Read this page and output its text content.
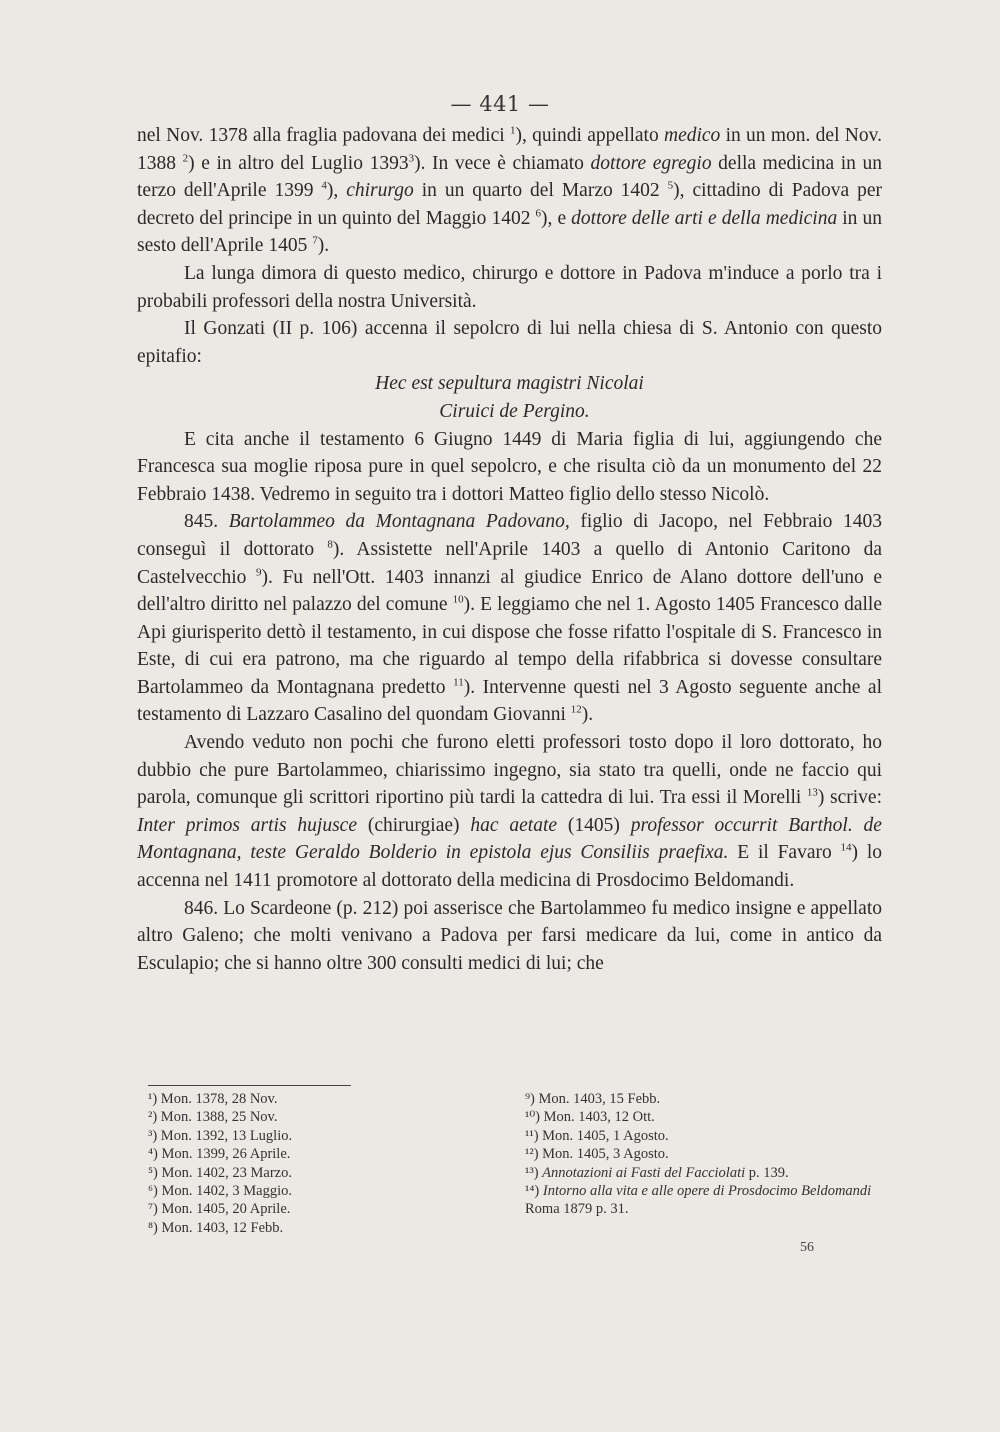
— 441 —

nel Nov. 1378 alla fraglia padovana dei medici $^1$), quindi appellato medico in un mon. del Nov. 1388 $^2$) e in altro del Luglio 1393$^3$). In vece è chiamato dottore egregio della medicina in un terzo dell'Aprile 1399 $^4$), chirurgo in un quarto del Marzo 1402 $^5$), cittadino di Padova per decreto del principe in un quinto del Maggio 1402 $^6$), e dottore delle arti e della medicina in un sesto dell'Aprile 1405 $^7$).

La lunga dimora di questo medico, chirurgo e dottore in Padova m'induce a porlo tra i probabili professori della nostra Università.

Il Gonzati (II p. 106) accenna il sepolcro di lui nella chiesa di S. Antonio con questo epitafio:

Hec est sepultura magistri Nicolai
Ciruici de Pergino.

E cita anche il testamento 6 Giugno 1449 di Maria figlia di lui, aggiungendo che Francesca sua moglie riposa pure in quel sepolcro, e che risulta ciò da un monumento del 22 Febbraio 1438. Vedremo in seguito tra i dottori Matteo figlio dello stesso Nicolò.

845. Bartolammeo da Montagnana Padovano, figlio di Jacopo, nel Febbraio 1403 conseguì il dottorato $^8$). Assistette nell'Aprile 1403 a quello di Antonio Caritono da Castelvecchio $^9$). Fu nell'Ott. 1403 innanzi al giudice Enrico de Alano dottore dell'uno e dell'altro diritto nel palazzo del comune $^{10}$). E leggiamo che nel 1. Agosto 1405 Francesco dalle Api giurisperito dettò il testamento, in cui dispose che fosse rifatto l'ospitale di S. Francesco in Este, di cui era patrono, ma che riguardo al tempo della rifabbrica si dovesse consultare Bartolammeo da Montagnana predetto $^{11}$). Intervenne questi nel 3 Agosto seguente anche al testamento di Lazzaro Casalino del quondam Giovanni $^{12}$).

Avendo veduto non pochi che furono eletti professori tosto dopo il loro dottorato, ho dubbio che pure Bartolammeo, chiarissimo ingegno, sia stato tra quelli, onde ne faccio qui parola, comunque gli scrittori riportino più tardi la cattedra di lui. Tra essi il Morelli $^{13}$) scrive: Inter primos artis hujusce (chirurgiae) hac aetate (1405) professor occurrit Barthol. de Montagnana, teste Geraldo Bolderio in epistola ejus Consiliis praefixa. E il Favaro $^{14}$) lo accenna nel 1411 promotore al dottorato della medicina di Prosdocimo Beldomandi.

846. Lo Scardeone (p. 212) poi asserisce che Bartolammeo fu medico insigne e appellato altro Galeno; che molti venivano a Padova per farsi medicare da lui, come in antico da Esculapio; che si hanno oltre 300 consulti medici di lui; che

¹) Mon. 1378, 28 Nov.
²) Mon. 1388, 25 Nov.
³) Mon. 1392, 13 Luglio.
⁴) Mon. 1399, 26 Aprile.
⁵) Mon. 1402, 23 Marzo.
⁶) Mon. 1402, 3 Maggio.
⁷) Mon. 1405, 20 Aprile.
⁸) Mon. 1403, 12 Febb.
⁹) Mon. 1403, 15 Febb.
¹⁰) Mon. 1403, 12 Ott.
¹¹) Mon. 1405, 1 Agosto.
¹²) Mon. 1405, 3 Agosto.
¹³) Annotazioni ai Fasti del Facciolati p. 139.
¹⁴) Intorno alla vita e alle opere di Prosdocimo Beldomandi Roma 1879 p. 31.
56
